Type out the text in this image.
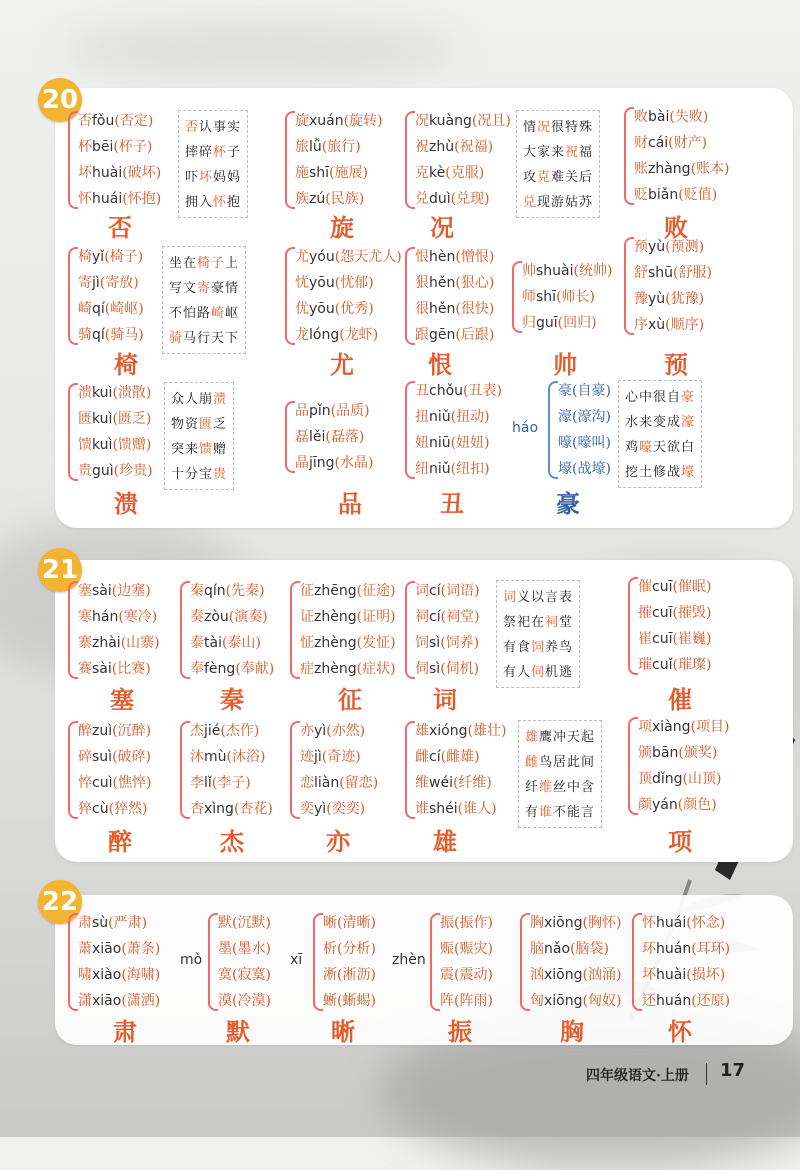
20
21
22
否fǒu(否定)
杯bēi(杯子)
坏huài(破坏)
怀huái(怀抱)
否认事实
摔碎杯子
吓坏妈妈
拥入怀抱
否
旋xuán(旋转)
旅lǚ(旅行)
施shī(施展)
族zú(民族)
旋
况kuàng(况且)
祝zhù(祝福)
克kè(克服)
兑duì(兑现)
情况很特殊
大家来祝福
攻克难关后
兑现游姑苏
况
败bài(失败)
财cái(财产)
账zhàng(账本)
贬biǎn(贬值)
败
椅yǐ(椅子)
寄jì(寄放)
崎qí(崎岖)
骑qí(骑马)
坐在椅子上
写文寄豪情
不怕路崎岖
骑马行天下
椅
尤yóu(怨天尤人)
忧yōu(忧郁)
优yōu(优秀)
龙lóng(龙虾)
尤
恨hèn(憎恨)
狠hěn(狠心)
很hěn(很快)
跟gēn(后跟)
恨
帅shuài(统帅)
师shī(师长)
归guī(回归)
帅
预yù(预测)
舒shū(舒服)
豫yù(犹豫)
序xù(顺序)
预
溃kuì(溃散)
匮kuì(匮乏)
馈kuì(馈赠)
贵guì(珍贵)
众人崩溃
物资匮乏
突来馈赠
十分宝贵
溃
品pǐn(品质)
磊lěi(磊落)
晶jīng(水晶)
品
丑chǒu(丑表)
扭niǔ(扭动)
妞niū(妞妞)
纽niǔ(纽扣)
丑
豪(自豪)
濠(濠沟)
嚎(嚎叫)
壕(战壕)
háo
心中很自豪
水来变成濠
鸡嚎天欲白
挖土修战壕
豪
塞sài(边塞)
寒hán(寒冷)
寨zhài(山寨)
赛sài(比赛)
塞
秦qín(先秦)
奏zòu(演奏)
泰tài(泰山)
奉fèng(奉献)
秦
征zhēng(征途)
证zhèng(证明)
怔zhèng(发怔)
症zhèng(症状)
征
词cí(词语)
祠cí(祠堂)
饲sì(饲养)
伺sì(伺机)
词义以言表
祭祀在祠堂
有食饲养鸟
有人伺机逃
词
催cuī(催眠)
摧cuī(摧毁)
崔cuī(崔巍)
璀cuǐ(璀璨)
催
醉zuì(沉醉)
碎suì(破碎)
悴cuì(憔悴)
猝cù(猝然)
醉
杰jié(杰作)
沐mù(沐浴)
李lǐ(李子)
杏xìng(杏花)
杰
亦yì(亦然)
迹jì(奇迹)
恋liàn(留恋)
奕yì(奕奕)
亦
雄xióng(雄壮)
雌cí(雌雄)
维wéi(纤维)
谁shéi(谁人)
雄鹰冲天起
雌鸟居此间
纤维丝中含
有谁不能言
雄
项xiàng(项目)
颁bān(颁奖)
顶dǐng(山顶)
颜yán(颜色)
项
肃sù(严肃)
萧xiāo(萧条)
啸xiào(海啸)
潇xiāo(潇洒)
肃
默(沉默)
墨(墨水)
寞(寂寞)
漠(冷漠)
mò
默
晰(清晰)
析(分析)
淅(淅沥)
蜥(蜥蜴)
xī
晰
振(振作)
赈(赈灾)
震(震动)
阵(阵雨)
zhèn
振
胸xiōng(胸怀)
脑nǎo(脑袋)
汹xiōng(汹涌)
匈xiōng(匈奴)
胸
怀huái(怀念)
环huán(耳环)
坏huài(损坏)
还huán(还原)
怀
四年级语文·上册 17
